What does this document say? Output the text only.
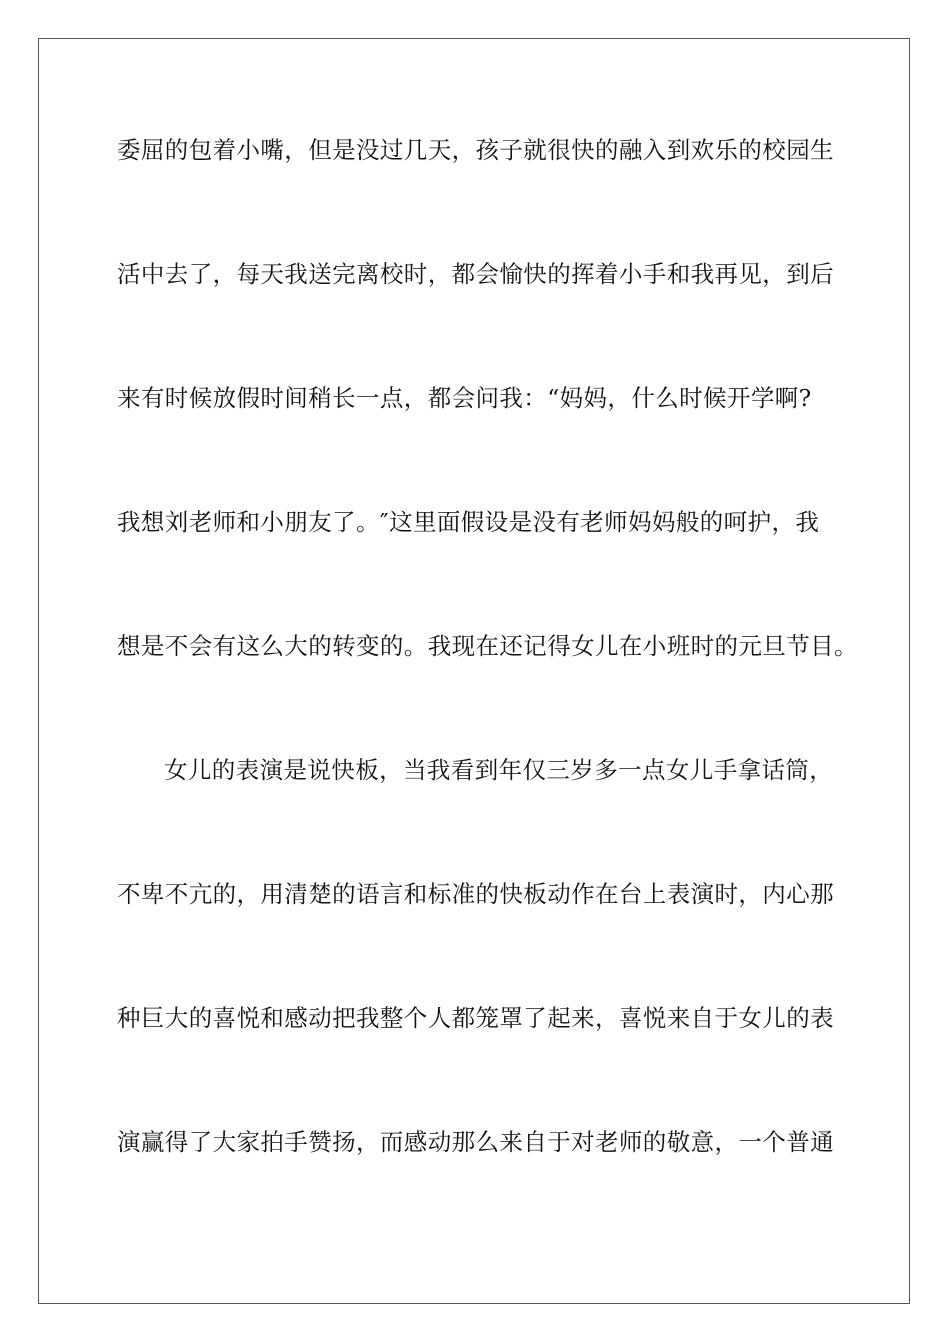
委屈的包着小嘴，但是没过几天，孩子就很快的融入到欢乐的校园生

活中去了，每天我送完离校时，都会愉快的挥着小手和我再见，到后

来有时候放假时间稍长一点，都会问我：“妈妈，什么时候开学啊?

我想刘老师和小朋友了。″这里面假设是没有老师妈妈般的呵护，我

想是不会有这么大的转变的。我现在还记得女儿在小班时的元旦节目。

女儿的表演是说快板，当我看到年仅三岁多一点女儿手拿话筒，

不卑不亢的，用清楚的语言和标准的快板动作在台上表演时，内心那

种巨大的喜悦和感动把我整个人都笼罩了起来，喜悦来自于女儿的表

演赢得了大家拍手赞扬，而感动那么来自于对老师的敬意，一个普通
